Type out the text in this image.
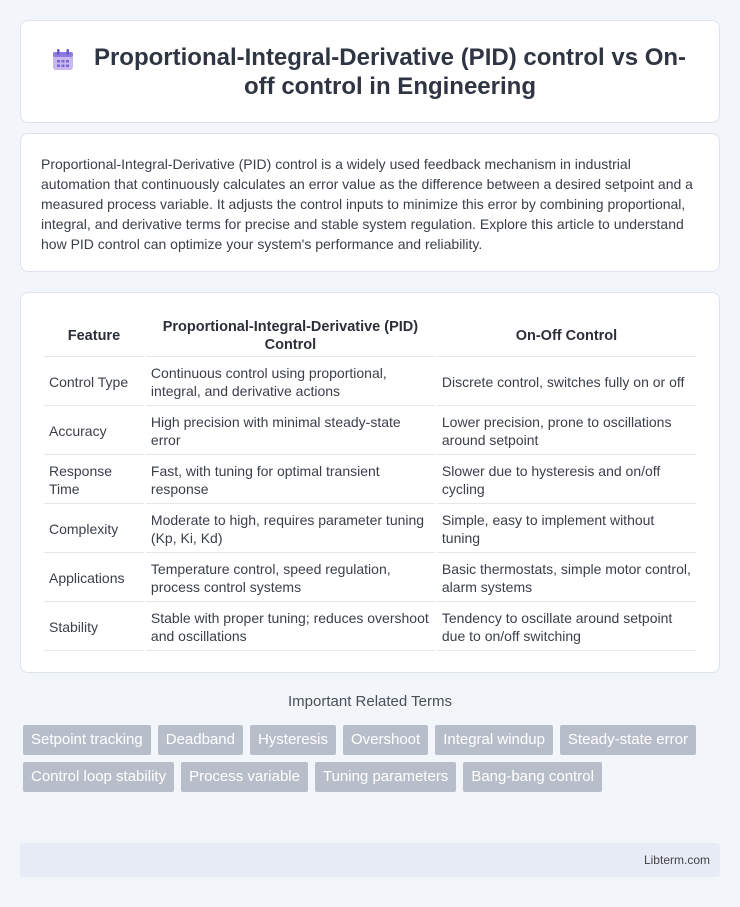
Proportional-Integral-Derivative (PID) control vs On-off control in Engineering

Proportional-Integral-Derivative (PID) control is a widely used feedback mechanism in industrial automation that continuously calculates an error value as the difference between a desired setpoint and a measured process variable. It adjusts the control inputs to minimize this error by combining proportional, integral, and derivative terms for precise and stable system regulation. Explore this article to understand how PID control can optimize your system's performance and reliability.

Feature	Proportional-Integral-Derivative (PID) Control	On-Off Control
Control Type	Continuous control using proportional, integral, and derivative actions	Discrete control, switches fully on or off
Accuracy	High precision with minimal steady-state error	Lower precision, prone to oscillations around setpoint
Response Time	Fast, with tuning for optimal transient response	Slower due to hysteresis and on/off cycling
Complexity	Moderate to high, requires parameter tuning (Kp, Ki, Kd)	Simple, easy to implement without tuning
Applications	Temperature control, speed regulation, process control systems	Basic thermostats, simple motor control, alarm systems
Stability	Stable with proper tuning; reduces overshoot and oscillations	Tendency to oscillate around setpoint due to on/off switching
Important Related Terms
Setpoint tracking	Deadband	Hysteresis	Overshoot	Integral windup	Steady-state error
Control loop stability	Process variable	Tuning parameters	Bang-bang control
Libterm.com
